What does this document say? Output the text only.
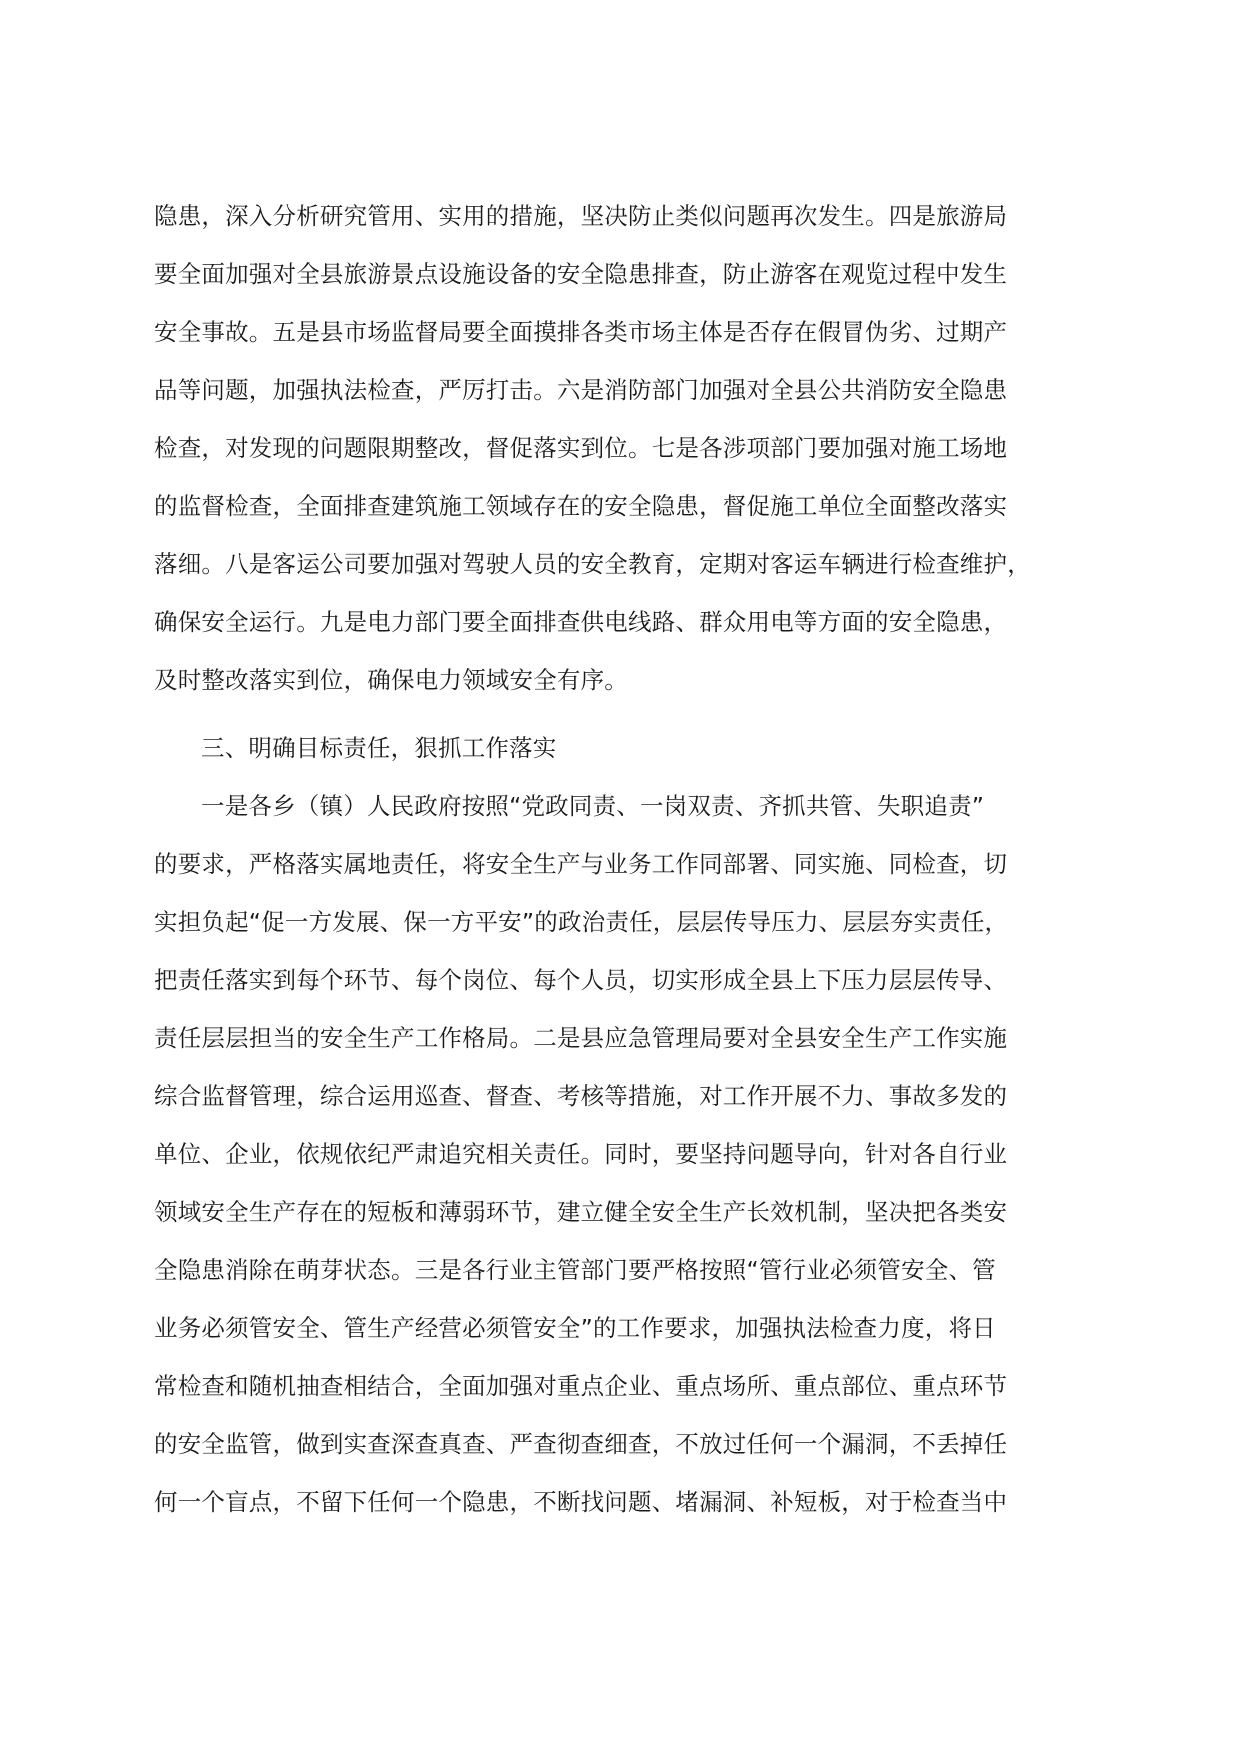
隐患，深入分析研究管用、实用的措施，坚决防止类似问题再次发生。四是旅游局
要全面加强对全县旅游景点设施设备的安全隐患排查，防止游客在观览过程中发生
安全事故。五是县市场监督局要全面摸排各类市场主体是否存在假冒伪劣、过期产
品等问题，加强执法检查，严厉打击。六是消防部门加强对全县公共消防安全隐患
检查，对发现的问题限期整改，督促落实到位。七是各涉项部门要加强对施工场地
的监督检查，全面排查建筑施工领域存在的安全隐患，督促施工单位全面整改落实
落细。八是客运公司要加强对驾驶人员的安全教育，定期对客运车辆进行检查维护，
确保安全运行。九是电力部门要全面排查供电线路、群众用电等方面的安全隐患，
及时整改落实到位，确保电力领域安全有序。
三、明确目标责任，狠抓工作落实
一是各乡（镇）人民政府按照“党政同责、一岗双责、齐抓共管、失职追责”
的要求，严格落实属地责任，将安全生产与业务工作同部署、同实施、同检查，切
实担负起“促一方发展、保一方平安”的政治责任，层层传导压力、层层夯实责任，
把责任落实到每个环节、每个岗位、每个人员，切实形成全县上下压力层层传导、
责任层层担当的安全生产工作格局。二是县应急管理局要对全县安全生产工作实施
综合监督管理，综合运用巡查、督查、考核等措施，对工作开展不力、事故多发的
单位、企业，依规依纪严肃追究相关责任。同时，要坚持问题导向，针对各自行业
领域安全生产存在的短板和薄弱环节，建立健全安全生产长效机制，坚决把各类安
全隐患消除在萌芽状态。三是各行业主管部门要严格按照“管行业必须管安全、管
业务必须管安全、管生产经营必须管安全”的工作要求，加强执法检查力度，将日
常检查和随机抽查相结合，全面加强对重点企业、重点场所、重点部位、重点环节
的安全监管，做到实查深查真查、严查彻查细查，不放过任何一个漏洞，不丢掉任
何一个盲点，不留下任何一个隐患，不断找问题、堵漏洞、补短板，对于检查当中
